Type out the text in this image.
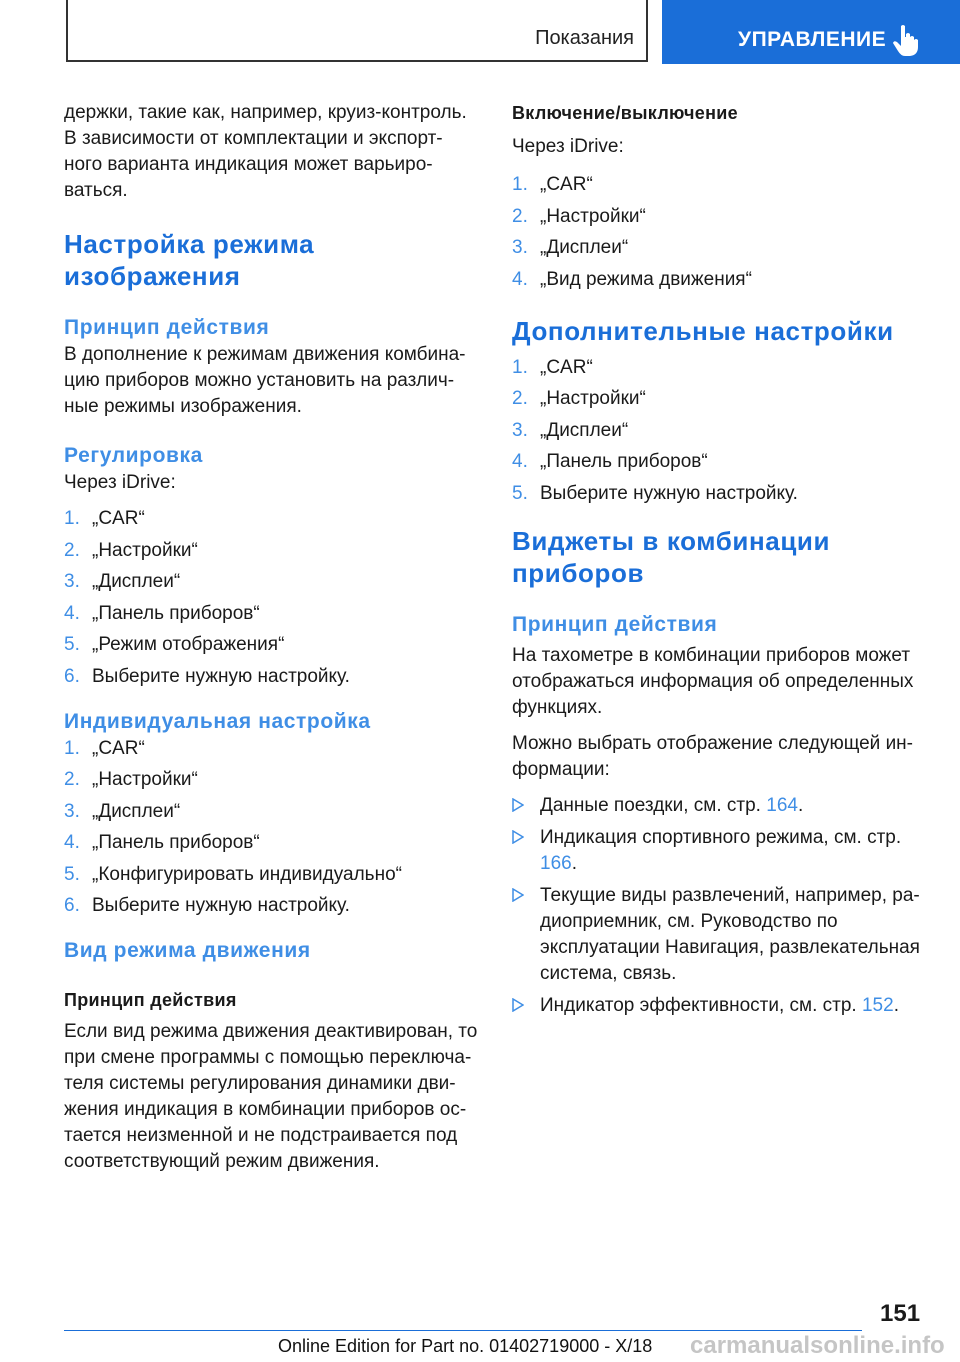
Показания	УПРАВЛЕНИЕ

держки, такие как, например, круиз-контроль. В зависимости от комплектации и экспорт-ного варианта индикация может варьиро-ваться.

Настройка режима изображения
Принцип действия

В дополнение к режимам движения комбина-цию приборов можно установить на различ-ные режимы изображения.

Регулировка

Через iDrive:

1. „CAR“
2. „Настройки“
3. „Дисплеи“
4. „Панель приборов“
5. „Режим отображения“
6. Выберите нужную настройку.
Индивидуальная настройка
1. „CAR“
2. „Настройки“
3. „Дисплеи“
4. „Панель приборов“
5. „Конфигурировать индивидуально“
6. Выберите нужную настройку.
Вид режима движения
Принцип действия

Если вид режима движения деактивирован, то при смене программы с помощью переключа-теля системы регулирования динамики дви-жения индикация в комбинации приборов ос-тается неизменной и не подстраивается под соответствующий режим движения.

Включение/выключение

Через iDrive:

1. „CAR“
2. „Настройки“
3. „Дисплеи“
4. „Вид режима движения“
Дополнительные настройки
1. „CAR“
2. „Настройки“
3. „Дисплеи“
4. „Панель приборов“
5. Выберите нужную настройку.
Виджеты в комбинации приборов
Принцип действия

На тахометре в комбинации приборов может отображаться информация об определенных функциях.

Можно выбрать отображение следующей ин-формации:

Данные поездки, см. стр. 164.
Индикация спортивного режима, см. стр. 166.
Текущие виды развлечений, например, ра-диоприемник, см. Руководство по эксплуатации Навигация, развлекательная система, связь.
Индикатор эффективности, см. стр. 152.
151
Online Edition for Part no. 01402719000 - X/18 carmanualsonline.info
